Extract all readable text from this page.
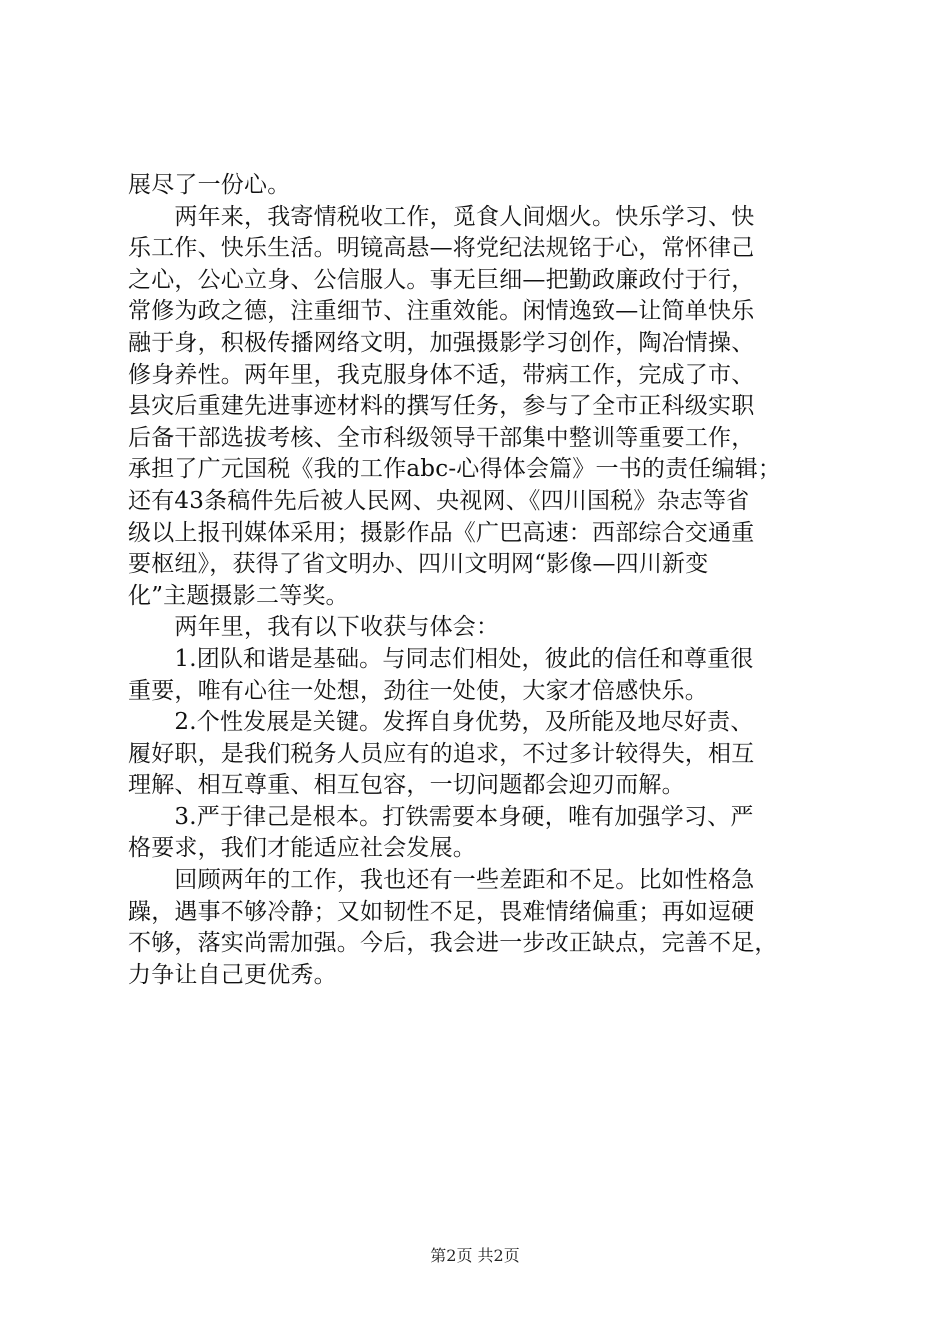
展尽了一份心。
　　两年来，我寄情税收工作，觅食人间烟火。快乐学习、快
乐工作、快乐生活。明镜高悬—将党纪法规铭于心，常怀律己
之心，公心立身、公信服人。事无巨细—把勤政廉政付于行，
常修为政之德，注重细节、注重效能。闲情逸致—让简单快乐
融于身，积极传播网络文明，加强摄影学习创作，陶冶情操、
修身养性。两年里，我克服身体不适，带病工作，完成了市、
县灾后重建先进事迹材料的撰写任务，参与了全市正科级实职
后备干部选拔考核、全市科级领导干部集中整训等重要工作，
承担了广元国税《我的工作abc-心得体会篇》一书的责任编辑；
还有43条稿件先后被人民网、央视网、《四川国税》杂志等省
级以上报刊媒体采用；摄影作品《广巴高速：西部综合交通重
要枢纽》，获得了省文明办、四川文明网“影像—四川新变
化”主题摄影二等奖。
　　两年里，我有以下收获与体会：
　　1.团队和谐是基础。与同志们相处，彼此的信任和尊重很
重要，唯有心往一处想，劲往一处使，大家才倍感快乐。
　　2.个性发展是关键。发挥自身优势，及所能及地尽好责、
履好职，是我们税务人员应有的追求，不过多计较得失，相互
理解、相互尊重、相互包容，一切问题都会迎刃而解。
　　3.严于律己是根本。打铁需要本身硬，唯有加强学习、严
格要求，我们才能适应社会发展。
　　回顾两年的工作，我也还有一些差距和不足。比如性格急
躁，遇事不够冷静；又如韧性不足，畏难情绪偏重；再如逗硬
不够，落实尚需加强。今后，我会进一步改正缺点，完善不足，
力争让自己更优秀。
第2页 共2页
